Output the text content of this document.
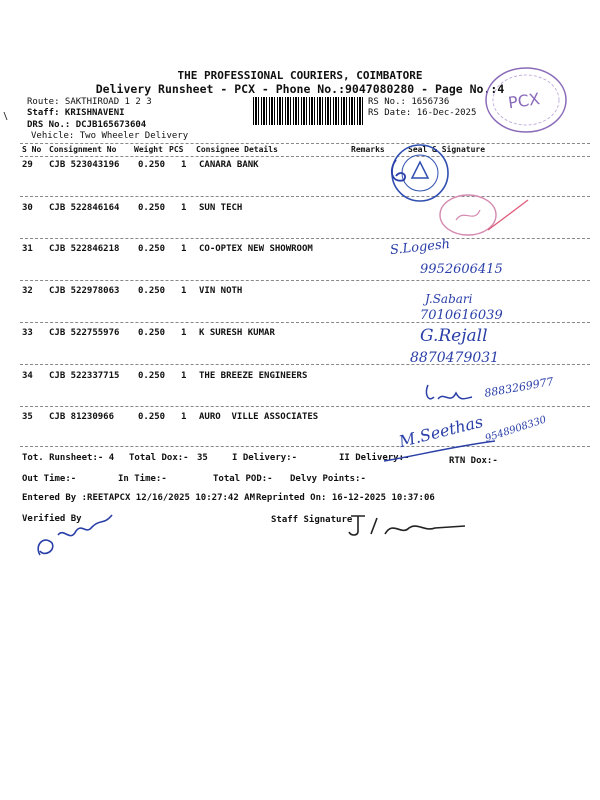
THE PROFESSIONAL COURIERS, COIMBATORE
Delivery Runsheet - PCX - Phone No.:9047080280 - Page No.:4
Route: SAKTHIROAD 1 2 3
Staff: KRISHNAVENI
DRS No.: DCJB165673604
Vehicle: Two Wheeler Delivery
RS No.: 1656736
RS Date: 16-Dec-2025
PCX
S No Consignment No Weight PCS Consignee Details	Remarks	Seal & Signature
29 CJB 523043196 0.250 1 CANARA BANK
30 CJB 522846164 0.250 1 SUN TECH
31 CJB 522846218 0.250 1 CO-OPTEX NEW SHOWROOM
32 CJB 522978063 0.250 1 VIN NOTH
33 CJB 522755976 0.250 1 K SURESH KUMAR
34 CJB 522337715 0.250 1 THE BREEZE ENGINEERS
35 CJB 81230966	0.250 1 AURO  VILLE ASSOCIATES
Tot. Runsheet:- 4 Total Dox:- 35	I Delivery:-	II Delivery:-	RTN Dox:-
Out Time:-	In Time:-	Total POD:- Delvy Points:-
Entered By :REETAPCX 12/16/2025 10:27:42 AM Reprinted On: 16-12-2025 10:37:06
Verified By	Staff Signature
S.Logesh
9952606415
J.Sabari
7010616039
G.Rejall
8870479031
8883269977
M.Seethas
9548908330
